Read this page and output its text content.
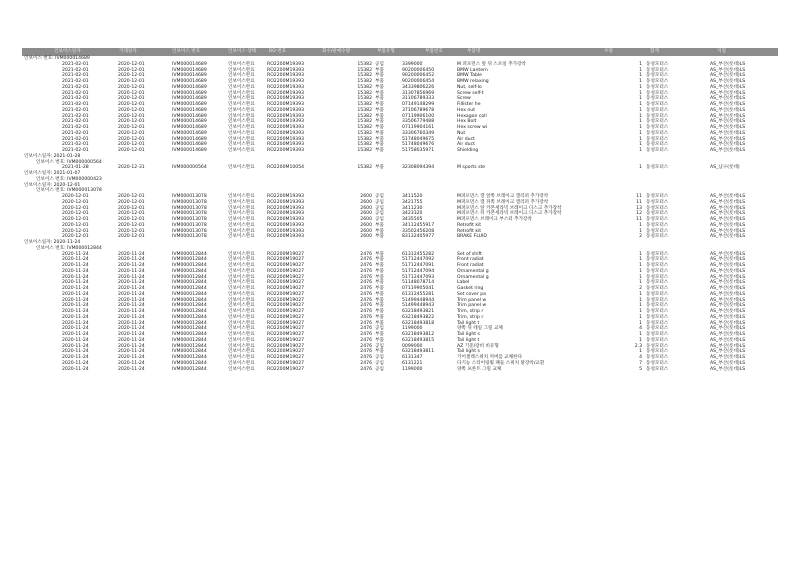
인보이스일자	거래일자	인보이스 번호	인보이스 상태	RO 번호	회수/판매수량	부품유형	부품번호	부품명	수량	합계	지점
인보이스 번호: IVM000014689
2021-02-01	2020-12-01	IVM000014689	인보이스완료	RO2200M19393	15382 공임	3399000	M 퍼포먼스 앞 뒤 스포일 추가장착	1 동성모터스	AS_부산(롯데)LS
2021-02-01	2020-12-01	IVM000014689	인보이스완료	RO2200M19393	15382 부품	90200006450	BMW Lantern	1 동성모터스	AS_부산(롯데)LS
2021-02-01	2020-12-01	IVM000014689	인보이스완료	RO2200M19393	15382 부품	90200006452	BMW Table	1 동성모터스	AS_부산(롯데)LS
2021-02-01	2020-12-01	IVM000014689	인보이스완료	RO2200M19393	15382 부품	90200006454	BMW relaxing	1 동성모터스	AS_부산(롯데)LS
2021-02-01	2020-12-01	IVM000014689	인보이스완료	RO2200M19393	15382 부품	34339806226	Nut, self-lo	1 동성모터스	AS_부산(롯데)LS
2021-02-01	2020-12-01	IVM000014689	인보이스완료	RO2200M19393	15382 부품	31307856969	Screw self-t	1 동성모터스	AS_부산(롯데)LS
2021-02-01	2020-12-01	IVM000014689	인보이스완료	RO2200M19393	15382 부품	31106789333	Screw	1 동성모터스	AS_부산(롯데)LS
2021-02-01	2020-12-01	IVM000014689	인보이스완료	RO2200M19393	15382 부품	07149148299	Fillister he	1 동성모터스	AS_부산(롯데)LS
2021-02-01	2020-12-01	IVM000014689	인보이스완료	RO2200M19393	15382 부품	37106789678	Hex nut	1 동성모터스	AS_부산(롯데)LS
2021-02-01	2020-12-01	IVM000014689	인보이스완료	RO2200M19393	15382 부품	07119906100	Hexagon coll	1 동성모터스	AS_부산(롯데)LS
2021-02-01	2020-12-01	IVM000014689	인보이스완료	RO2200M19393	15382 부품	33506779488	Hex Bolt	1 동성모터스	AS_부산(롯데)LS
2021-02-01	2020-12-01	IVM000014689	인보이스완료	RO2200M19393	15382 부품	07119904161	Hex screw wi	1 동성모터스	AS_부산(롯데)LS
2021-02-01	2020-12-01	IVM000014689	인보이스완료	RO2200M19393	15382 부품	33306760349	Nut	1 동성모터스	AS_부산(롯데)LS
2021-02-01	2020-12-01	IVM000014689	인보이스완료	RO2200M19393	15382 부품	51748049675	Air duct	1 동성모터스	AS_부산(롯데)LS
2021-02-01	2020-12-01	IVM000014689	인보이스완료	RO2200M19393	15382 부품	51748049676	Air duct	1 동성모터스	AS_부산(롯데)LS
2021-02-01	2020-12-01	IVM000014689	인보이스완료	RO2200M19393	15382 부품	51758035971	Shielding	1 동성모터스	AS_부산(롯데)LS
인보이스일자: 2021-01-28
인보이스 번호: IVM000000564
2021-01-28	2020-12-31	IVM000000564	인보이스완료	RO2200M10054	15382 부품	32308094394	M sports ste	1 동성모터스	AS_남구(롯데)
인보이스일자: 2021-01-07
인보이스 번호: IVM000000423
인보이스일자: 2020-12-01
인보이스 번호: IVM000013078
2020-12-01	2020-12-01	IVM000013078	인보이스완료	RO2200M19393	2600 공임	3411520	M퍼포먼스 캘 앞쪽 브레이크 캘리퍼 추가장착	11 동성모터스	AS_부산(롯데)LS
2020-12-01	2020-12-01	IVM000013078	인보이스완료	RO2200M19393	2600 공임	3421755	M퍼포먼스 캘 뒤쪽 브레이크 캘리퍼 추가장착	11 동성모터스	AS_부산(롯데)LS
2020-12-01	2020-12-01	IVM000013078	인보이스완료	RO2200M19393	2600 공임	3411230	M퍼포먼스 앞 카본세라믹 브레이크 디스크 추가장착	13 동성모터스	AS_부산(롯데)LS
2020-12-01	2020-12-01	IVM000013078	인보이스완료	RO2200M19393	2600 공임	3423320	M퍼포먼스 뒤 카본세라믹 브레이크 디스크 추가장착	12 동성모터스	AS_부산(롯데)LS
2020-12-01	2020-12-01	IVM000013078	인보이스완료	RO2200M19393	2600 공임	3435505	M퍼포먼스 브레이크 부스터 추가장착	11 동성모터스	AS_부산(롯데)LS
2020-12-01	2020-12-01	IVM000013078	인보이스완료	RO2200M19393	2600 부품	34112455917	Retrofit kit	1 동성모터스	AS_부산(롯데)LS
2020-12-01	2020-12-01	IVM000013078	인보이스완료	RO2200M19393	2600 부품	33502456208	Retrofit kit	1 동성모터스	AS_부산(롯데)LS
2020-12-01	2020-12-01	IVM000013078	인보이스완료	RO2200M19393	2600 부품	83132405977	BRAKE FLUID	2 동성모터스	AS_부산(롯데)LS
인보이스일자: 2020-11-24
인보이스 번호: IVM000012844
2020-11-24	2020-11-24	IVM000012844	인보이스완료	RO2200M19027	2476 부품	61312455282	Set of shift	1 동성모터스	AS_부산(롯데)LS
2020-11-24	2020-11-24	IVM000012844	인보이스완료	RO2200M19027	2476 부품	51712447092	Front radiat	1 동성모터스	AS_부산(롯데)LS
2020-11-24	2020-11-24	IVM000012844	인보이스완료	RO2200M19027	2476 부품	51712447091	Front radiat	1 동성모터스	AS_부산(롯데)LS
2020-11-24	2020-11-24	IVM000012844	인보이스완료	RO2200M19027	2476 부품	51712447094	Ornamental g	1 동성모터스	AS_부산(롯데)LS
2020-11-24	2020-11-24	IVM000012844	인보이스완료	RO2200M19027	2476 부품	51712447093	Ornamental g	1 동성모터스	AS_부산(롯데)LS
2020-11-24	2020-11-24	IVM000012844	인보이스완료	RO2200M19027	2476 부품	51148078714	Label	1 동성모터스	AS_부산(롯데)LS
2020-11-24	2020-11-24	IVM000012844	인보이스완료	RO2200M19027	2476 부품	07119905041	Gasket ring	2 동성모터스	AS_부산(롯데)LS
2020-11-24	2020-11-24	IVM000012844	인보이스완료	RO2200M19027	2476 부품	61312455281	Set cover pa	1 동성모터스	AS_부산(롯데)LS
2020-11-24	2020-11-24	IVM000012844	인보이스완료	RO2200M19027	2476 부품	51499448944	Trim panel w	1 동성모터스	AS_부산(롯데)LS
2020-11-24	2020-11-24	IVM000012844	인보이스완료	RO2200M19027	2476 부품	51499448943	Trim panel w	1 동성모터스	AS_부산(롯데)LS
2020-11-24	2020-11-24	IVM000012844	인보이스완료	RO2200M19027	2476 부품	63218493821	Trim, strip r	1 동성모터스	AS_부산(롯데)LS
2020-11-24	2020-11-24	IVM000012844	인보이스완료	RO2200M19027	2476 부품	63218493822	Trim, strip r	1 동성모터스	AS_부산(롯데)LS
2020-11-24	2020-11-24	IVM000012844	인보이스완료	RO2200M19027	2476 부품	63218493818	Tail light t	1 동성모터스	AS_부산(롯데)LS
2020-11-24	2020-11-24	IVM000012844	인보이스완료	RO2200M19027	2476 공임	1199000	양쪽 뒤 테일 그릴 교체	4 동성모터스	AS_부산(롯데)LS
2020-11-24	2020-11-24	IVM000012844	인보이스완료	RO2200M19027	2476 부품	63218493812	Tail light s	1 동성모터스	AS_부산(롯데)LS
2020-11-24	2020-11-24	IVM000012844	인보이스완료	RO2200M19027	2476 부품	63218493815	Tail light t	1 동성모터스	AS_부산(롯데)LS
2020-11-24	2020-11-24	IVM000012844	인보이스완료	RO2200M19027	2476 공임	0099000	AZ 기준/장비 비유형	2.3 동성모터스	AS_부산(롯데)LS
2020-11-24	2020-11-24	IVM000012844	인보이스완료	RO2200M19027	2476 부품	63218493811	Tail light s	1 동성모터스	AS_부산(롯데)LS
2020-11-24	2020-11-24	IVM000012844	인보이스완료	RO2200M19027	2476 공임	6131347	기어셀렉스위치 커버를 교체한다	4 동성모터스	AS_부산(롯데)LS
2020-11-24	2020-11-24	IVM000012844	인보이스완료	RO2200M19027	2476 공임	6131221	다기능 스티어링휠 패들 스위치 탈장착/교환	7 동성모터스	AS_부산(롯데)LS
2020-11-24	2020-11-24	IVM000012844	인보이스완료	RO2200M19027	2476 공임	1199000	양쪽 프론트 그릴 교체	5 동성모터스	AS_부산(롯데)LS
